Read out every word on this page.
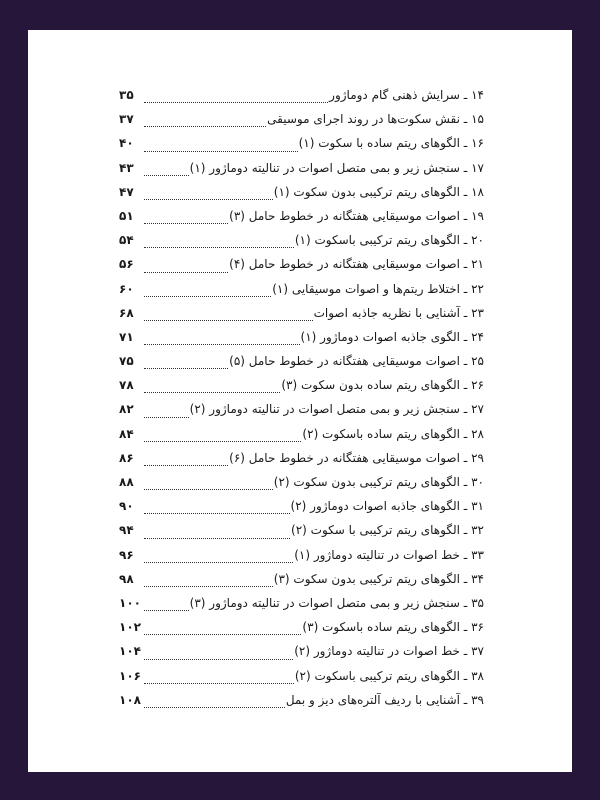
۱۴ ـ سرایش ذهنی گام دوماژور
۳۵
۱۵ ـ نقش سکوت‌ها در روند اجرای موسیقی
۳۷
۱۶ ـ الگوهای ریتم ساده با سکوت (۱)
۴۰
۱۷ ـ سنجش زیر و بمی متصل اصوات در تنالیته دوماژور (۱)
۴۳
۱۸ ـ الگوهای ریتم ترکیبی بدون سکوت (۱)
۴۷
۱۹ ـ اصوات موسیقایی هفتگانه در خطوط حامل (۳)
۵۱
۲۰ ـ الگوهای ریتم ترکیبی باسکوت (۱)
۵۴
۲۱ ـ اصوات موسیقایی هفتگانه در خطوط حامل (۴)
۵۶
۲۲ ـ اختلاط ریتم‌ها و اصوات موسیقایی (۱)
۶۰
۲۳ ـ آشنایی با نظریه جاذبه اصوات
۶۸
۲۴ ـ الگوی جاذبه اصوات دوماژور (۱)
۷۱
۲۵ ـ اصوات موسیقایی هفتگانه در خطوط حامل (۵)
۷۵
۲۶ ـ الگوهای ریتم ساده بدون سکوت (۳)
۷۸
۲۷ ـ سنجش زیر و بمی متصل اصوات در تنالیته دوماژور (۲)
۸۲
۲۸ ـ الگوهای ریتم ساده باسکوت (۲)
۸۴
۲۹ ـ اصوات موسیقایی هفتگانه در خطوط حامل (۶)
۸۶
۳۰ ـ الگوهای ریتم ترکیبی بدون سکوت (۲)
۸۸
۳۱ ـ الگوهای جاذبه اصوات دوماژور (۲)
۹۰
۳۲ ـ الگوهای ریتم ترکیبی با سکوت (۲)
۹۴
۳۳ ـ خط اصوات در تنالیته دوماژور (۱)
۹۶
۳۴ ـ الگوهای ریتم ترکیبی بدون سکوت (۳)
۹۸
۳۵ ـ سنجش زیر و بمی متصل اصوات در تنالیته دوماژور (۳)
۱۰۰
۳۶ ـ الگوهای ریتم ساده باسکوت (۳)
۱۰۲
۳۷ ـ خط اصوات در تنالیته دوماژور (۲)
۱۰۴
۳۸ ـ الگوهای ریتم ترکیبی باسکوت (۲)
۱۰۶
۳۹ ـ آشنایی با ردیف آلتره‌های دیز و بمل
۱۰۸
